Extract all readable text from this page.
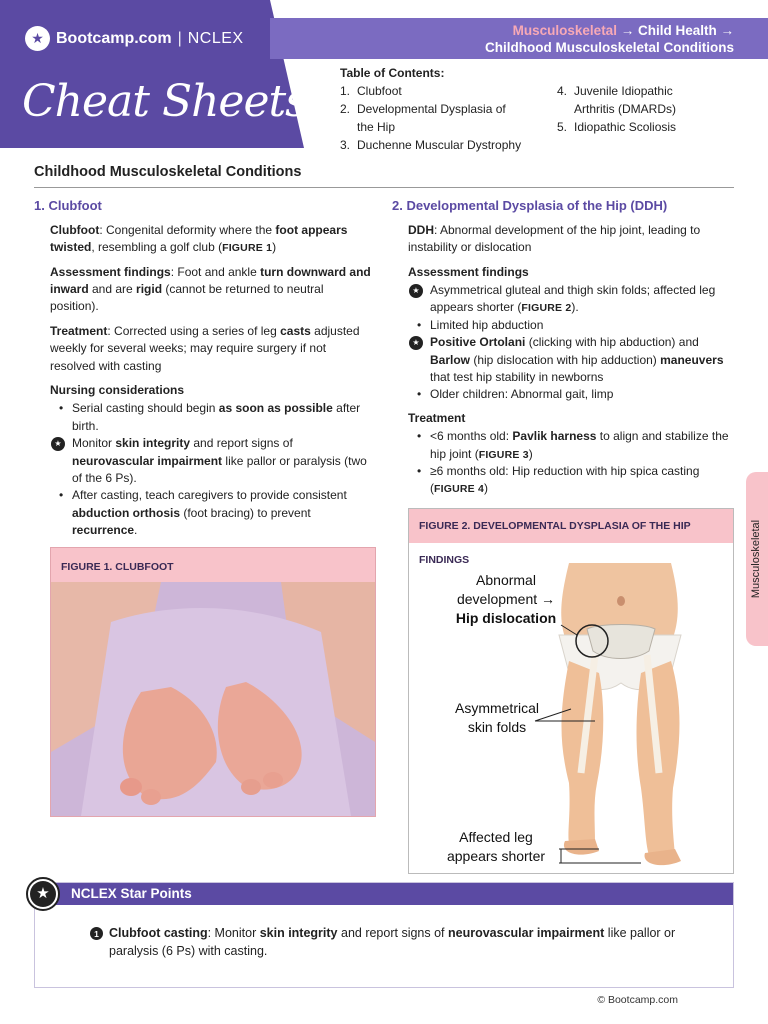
★ Bootcamp.com | NCLEX
Cheat Sheets
Musculoskeletal → Child Health →
Childhood Musculoskeletal Conditions
Table of Contents:
1. Clubfoot
2. Developmental Dysplasia of
the Hip
3. Duchenne Muscular Dystrophy
4. Juvenile Idiopathic
Arthritis (DMARDs)
5. Idiopathic Scoliosis
Childhood Musculoskeletal Conditions
1. Clubfoot
Clubfoot: Congenital deformity where the foot appears twisted, resembling a golf club (FIGURE 1)
Assessment findings: Foot and ankle turn downward and inward and are rigid (cannot be returned to neutral position).
Treatment: Corrected using a series of leg casts adjusted weekly for several weeks; may require surgery if not resolved with casting
Nursing considerations
• Serial casting should begin as soon as possible after birth.
★ Monitor skin integrity and report signs of neurovascular impairment like pallor or paralysis (two of the 6 Ps).
• After casting, teach caregivers to provide consistent abduction orthosis (foot bracing) to prevent recurrence.
FIGURE 1. CLUBFOOT
2. Developmental Dysplasia of the Hip (DDH)
DDH: Abnormal development of the hip joint, leading to instability or dislocation
Assessment findings
★ Asymmetrical gluteal and thigh skin folds; affected leg appears shorter (FIGURE 2).
• Limited hip abduction
★ Positive Ortolani (clicking with hip abduction) and Barlow (hip dislocation with hip adduction) maneuvers that test hip stability in newborns
• Older children: Abnormal gait, limp
Treatment
• <6 months old: Pavlik harness to align and stabilize the hip joint (FIGURE 3)
• ≥6 months old: Hip reduction with hip spica casting (FIGURE 4)
FIGURE 2. DEVELOPMENTAL DYSPLASIA OF THE HIP FINDINGS
Abnormal
development →
Hip dislocation
Asymmetrical
skin folds
Affected leg
appears shorter
Musculoskeletal
NCLEX Star Points
★
1 Clubfoot casting: Monitor skin integrity and report signs of neurovascular impairment like pallor or paralysis (6 Ps) with casting.
© Bootcamp.com
